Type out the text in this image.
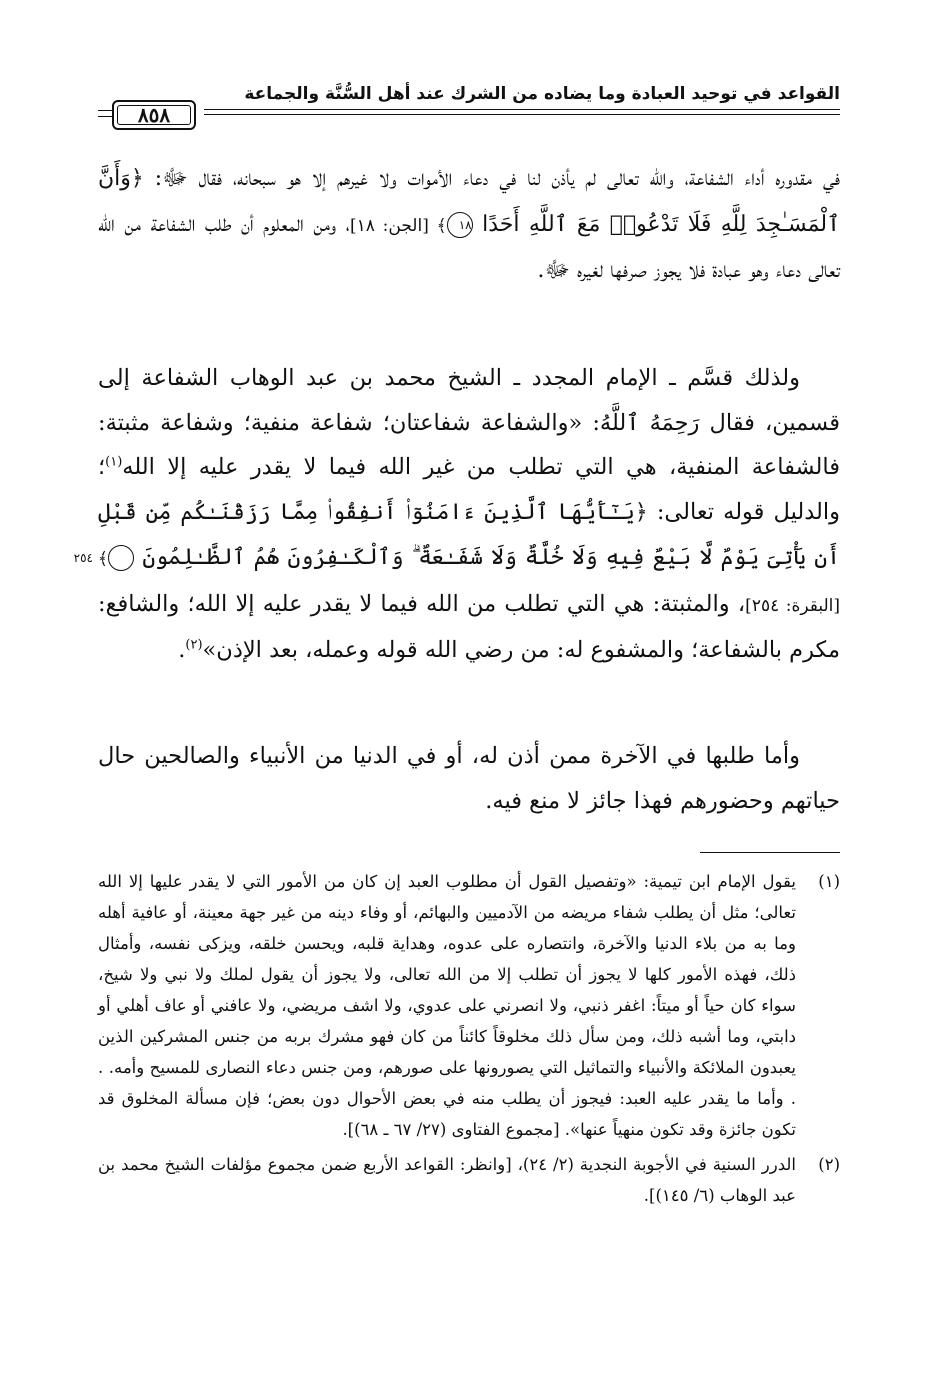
القواعد في توحيد العبادة وما يضاده من الشرك عند أهل السُّنَّة والجماعة
٨٥٨

في مقدوره أداء الشفاعة، والله تعالى لم يأذن لنا في دعاء الأموات ولا غيرهم إلا هو سبحانه، فقال ﷻ: ﴿وَأَنَّ ٱلْمَسَـٰجِدَ لِلَّهِ فَلَا تَدْعُوا۟ مَعَ ٱللَّهِ أَحَدًا ١٨﴾ [الجن: ١٨]، ومن المعلوم أن طلب الشفاعة من الله تعالى دعاء وهو عبادة فلا يجوز صرفها لغيره ﷻ.

ولذلك قسَّم ـ الإمام المجدد ـ الشيخ محمد بن عبد الوهاب الشفاعة إلى قسمين، فقال رَحِمَهُ ٱللَّهُ: «والشفاعة شفاعتان؛ شفاعة منفية؛ وشفاعة مثبتة: فالشفاعة المنفية، هي التي تطلب من غير الله فيما لا يقدر عليه إلا الله$^{(١)}$؛ والدليل قوله تعالى: ﴿يَـٰٓأَيُّهَا ٱلَّذِينَ ءَامَنُوٓا۟ أَنفِقُوا۟ مِمَّا رَزَقْنَـٰكُم مِّن قَبْلِ أَن يَأْتِىَ يَوْمٌ لَّا بَيْعٌ فِيهِ وَلَا خُلَّةٌ وَلَا شَفَـٰعَةٌ ۗ وَٱلْكَـٰفِرُونَ هُمُ ٱلظَّـٰلِمُونَ ٢٥٤ ﴾ [البقرة: ٢٥٤]، والمثبتة: هي التي تطلب من الله فيما لا يقدر عليه إلا الله؛ والشافع: مكرم بالشفاعة؛ والمشفوع له: من رضي الله قوله وعمله، بعد الإذن»$^{(٢)}$.

وأما طلبها في الآخرة ممن أذن له، أو في الدنيا من الأنبياء والصالحين حال حياتهم وحضورهم فهذا جائز لا منع فيه.

(١)
يقول الإمام ابن تيمية: «وتفصيل القول أن مطلوب العبد إن كان من الأمور التي لا يقدر عليها إلا الله تعالى؛ مثل أن يطلب شفاء مريضه من الآدميين والبهائم، أو وفاء دينه من غير جهة معينة، أو عافية أهله وما به من بلاء الدنيا والآخرة، وانتصاره على عدوه، وهداية قلبه، ويحسن خلقه، ويزكى نفسه، وأمثال ذلك، فهذه الأمور كلها لا يجوز أن تطلب إلا من الله تعالى، ولا يجوز أن يقول لملك ولا نبي ولا شيخ، سواء كان حياً أو ميتاً: اغفر ذنبي، ولا انصرني على عدوي، ولا اشف مريضي، ولا عافني أو عاف أهلي أو دابتي، وما أشبه ذلك، ومن سأل ذلك مخلوقاً كائناً من كان فهو مشرك بربه من جنس المشركين الذين يعبدون الملائكة والأنبياء والتماثيل التي يصورونها على صورهم، ومن جنس دعاء النصارى للمسيح وأمه. . . وأما ما يقدر عليه العبد: فيجوز أن يطلب منه في بعض الأحوال دون بعض؛ فإن مسألة المخلوق قد تكون جائزة وقد تكون منهياً عنها». [مجموع الفتاوى (٢٧/ ٦٧ ـ ٦٨)].
(٢)
الدرر السنية في الأجوبة النجدية (٢/ ٢٤)، [وانظر: القواعد الأربع ضمن مجموع مؤلفات الشيخ محمد بن عبد الوهاب (٦/ ١٤٥)].
